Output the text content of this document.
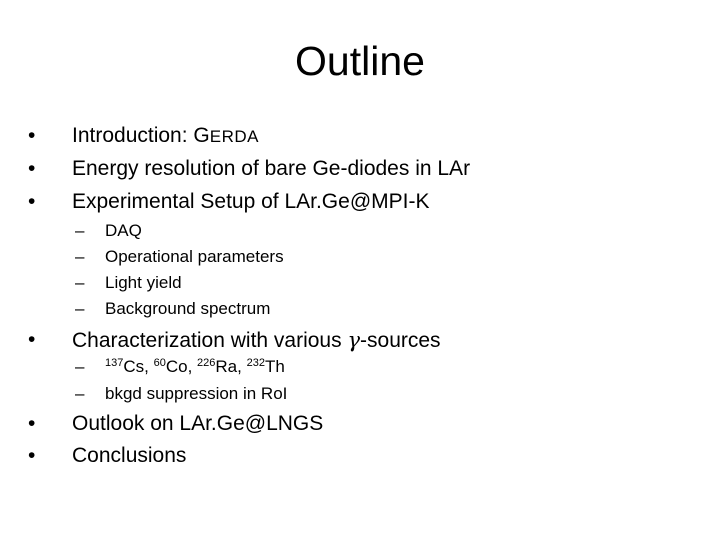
Outline
• Introduction: GERDA
• Energy resolution of bare Ge-diodes in LAr
• Experimental Setup of LAr.Ge@MPI-K
– DAQ
– Operational parameters
– Light yield
– Background spectrum
• Characterization with various γ-sources
– $^{137}$Cs, $^{60}$Co, $^{226}$Ra, $^{232}$Th
– bkgd suppression in RoI
• Outlook on LAr.Ge@LNGS
• Conclusions
